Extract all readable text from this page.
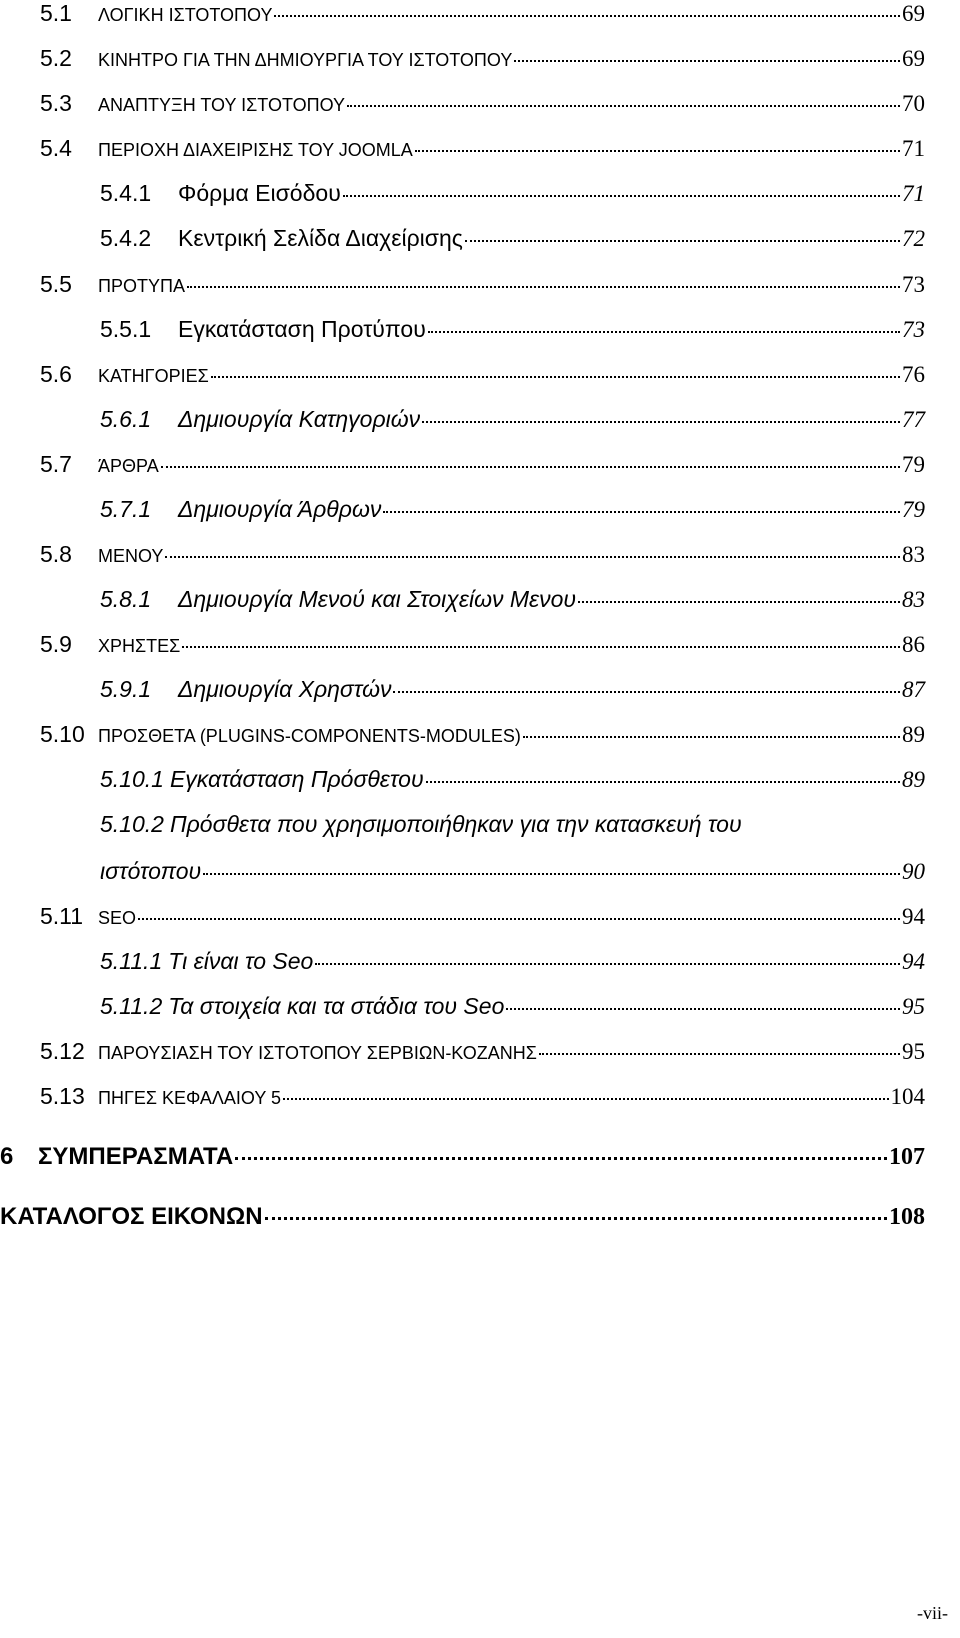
5.1	ΛΟΓΙΚΗ ΙΣΤΟΤΟΠΟΥ	69
5.2	ΚΙΝΗΤΡΟ ΓΙΑ ΤΗΝ ΔΗΜΙΟΥΡΓΙΑ ΤΟΥ ΙΣΤΟΤΟΠΟΥ	69
5.3	ΑΝΑΠΤΥΞΗ ΤΟΥ ΙΣΤΟΤΟΠΟΥ	70
5.4	ΠΕΡΙΟΧΗ ΔΙΑΧΕΙΡΙΣΗΣ ΤΟΥ JOOMLA	71
5.4.1	Φόρμα Εισόδου	71
5.4.2	Κεντρική Σελίδα Διαχείρισης	72
5.5	ΠΡΟΤΥΠΑ	73
5.5.1	Εγκατάσταση Προτύπου	73
5.6	ΚΑΤΗΓΟΡΙΕΣ	76
5.6.1	Δημιουργία Κατηγοριών	77
5.7	ΆΡΘΡΑ	79
5.7.1	Δημιουργία Άρθρων	79
5.8	ΜΕΝΟΥ	83
5.8.1	Δημιουργία Μενού και Στοιχείων Μενου	83
5.9	ΧΡΗΣΤΕΣ	86
5.9.1	Δημιουργία Χρηστών	87
5.10 ΠΡΟΣΘΕΤΑ (PLUGINS-COMPONENTS-MODULES)	89
5.10.1 Εγκατάσταση Πρόσθετου	89
5.10.2 Πρόσθετα που χρησιμοποιήθηκαν για την κατασκευή του
ιστότοπου	90
5.11 SEO	94
5.11.1 Τι είναι το Seo	94
5.11.2 Τα στοιχεία και τα στάδια του Seo	95
5.12 ΠΑΡΟΥΣΙΑΣΗ ΤΟΥ ΙΣΤΟΤΟΠΟΥ ΣΕΡΒΙΩΝ-ΚΟΖΑΝΗΣ	95
5.13 ΠΗΓΕΣ ΚΕΦΑΛΑΙΟΥ 5	104
6	ΣΥΜΠΕΡΑΣΜΑΤΑ	107
ΚΑΤΑΛΟΓΟΣ ΕΙΚΟΝΩΝ	108
-vii-
